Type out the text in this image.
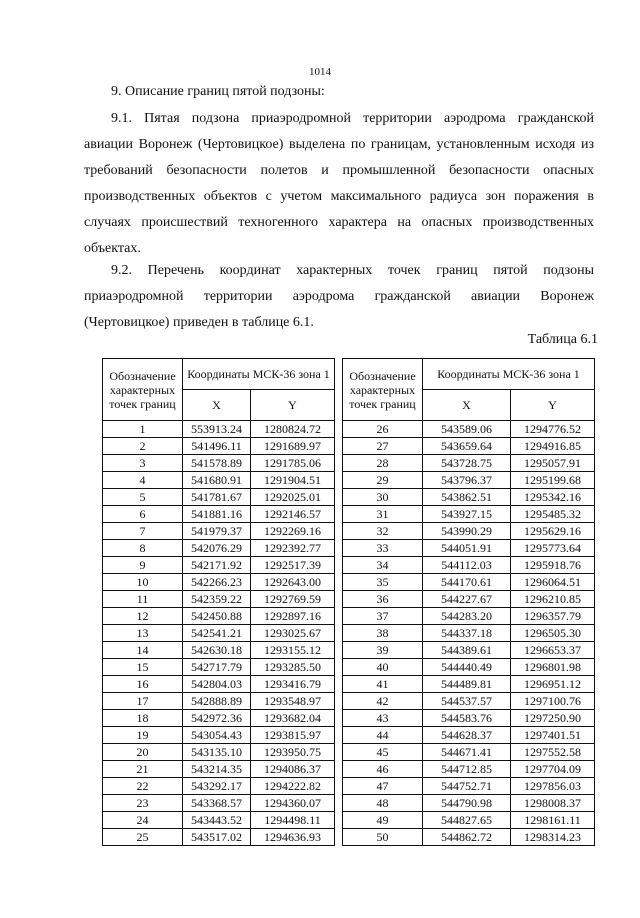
1014
9. Описание границ пятой подзоны:
9.1. Пятая подзона приаэродромной территории аэродрома гражданской авиации Воронеж (Чертовицкое) выделена по границам, установленным исходя из требований безопасности полетов и промышленной безопасности опасных производственных объектов с учетом максимального радиуса зон поражения в случаях происшествий техногенного характера на опасных производственных объектах.
9.2. Перечень координат характерных точек границ пятой подзоны приаэродромной территории аэродрома гражданской авиации Воронеж (Чертовицкое) приведен в таблице 6.1.
Таблица 6.1
Обозначение характерных точек границ	Координаты МСК-36 зона 1			Обозначение характерных точек границ	Координаты МСК-36 зона 1	
	X	Y			X	Y
1	553913.24	1280824.72		26	543589.06	1294776.52
2	541496.11	1291689.97		27	543659.64	1294916.85
3	541578.89	1291785.06		28	543728.75	1295057.91
4	541680.91	1291904.51		29	543796.37	1295199.68
5	541781.67	1292025.01		30	543862.51	1295342.16
6	541881.16	1292146.57		31	543927.15	1295485.32
7	541979.37	1292269.16		32	543990.29	1295629.16
8	542076.29	1292392.77		33	544051.91	1295773.64
9	542171.92	1292517.39		34	544112.03	1295918.76
10	542266.23	1292643.00		35	544170.61	1296064.51
11	542359.22	1292769.59		36	544227.67	1296210.85
12	542450.88	1292897.16		37	544283.20	1296357.79
13	542541.21	1293025.67		38	544337.18	1296505.30
14	542630.18	1293155.12		39	544389.61	1296653.37
15	542717.79	1293285.50		40	544440.49	1296801.98
16	542804.03	1293416.79		41	544489.81	1296951.12
17	542888.89	1293548.97		42	544537.57	1297100.76
18	542972.36	1293682.04		43	544583.76	1297250.90
19	543054.43	1293815.97		44	544628.37	1297401.51
20	543135.10	1293950.75		45	544671.41	1297552.58
21	543214.35	1294086.37		46	544712.85	1297704.09
22	543292.17	1294222.82		47	544752.71	1297856.03
23	543368.57	1294360.07		48	544790.98	1298008.37
24	543443.52	1294498.11		49	544827.65	1298161.11
25	543517.02	1294636.93		50	544862.72	1298314.23
